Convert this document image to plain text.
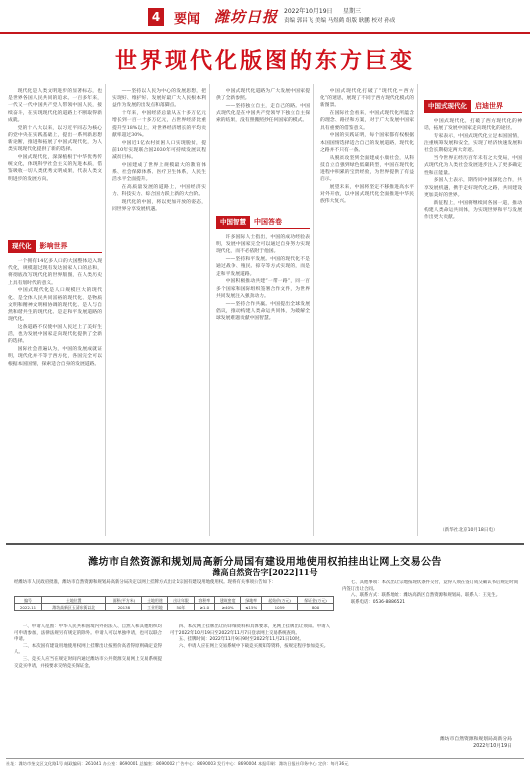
4 要闻 潍坊日报 2022年10月19日 星期三
责编 郭昌飞 美编 马煜鹤 组版 耿鹏 校对 孙成
世界现代化版图的东方巨变

现代化是人类文明进步的显著标志，也是世界各国人民共同的追求。一百多年来，一代又一代中国共产党人带领中国人民，接续奋斗，在实现现代化的道路上不断取得新成就。

党的十八大以来，以习近平同志为核心的党中央在实践基础上，提出一系列新思想新论断，推进和拓展了中国式现代化，为人类实现现代化提供了新的选择。

中国式现代化，深深植根于中华优秀传统文化，体现科学社会主义的先进本质，借鉴吸收一切人类优秀文明成果，代表人类文明进步的发展方向。

现代化	影响世界

一个拥有14亿多人口的大国整体迈入现代化，规模超过现有发达国家人口的总和，将彻底改写现代化的世界版图，在人类历史上具有划时代的意义。

中国式现代化是人口规模巨大的现代化、是全体人民共同富裕的现代化、是物质文明和精神文明相协调的现代化、是人与自然和谐共生的现代化、是走和平发展道路的现代化。

这条道路不仅使中国人民过上了美好生活，也为发展中国家走向现代化提供了全新的选择。

国际社会普遍认为，中国的发展成就证明，现代化并不等于西方化，各国完全可以根据本国国情，探索适合自身的发展道路。

——坚持以人民为中心的发展思想，把实现好、维护好、发展好最广大人民根本利益作为发展的出发点和落脚点。

十年来，中国经济总量从五十多万亿元增长到一百一十多万亿元，占世界经济比重提升至18%以上，对世界经济增长的平均贡献率超过30%。

中国近1亿农村贫困人口实现脱贫，提前10年实现联合国2030年可持续发展议程减贫目标。

中国建成了世界上规模最大的教育体系、社会保障体系、医疗卫生体系，人民生活水平全面提升。

在高质量发展的道路上，中国经济实力、科技实力、综合国力跃上新的大台阶。

现代化的中国，将以更加开放的姿态，同世界分享发展机遇。

中国智慧	中国答卷

中国式现代化道路为广大发展中国家提供了全新参照。

——坚持独立自主，走自己的路。中国式现代化是在中国共产党领导下独立自主探索的结果，没有照搬照抄任何国家的模式。

许多国际人士指出，中国的成功经验表明，发展中国家完全可以通过自身努力实现现代化，而不必依附于他国。

——坚持和平发展。中国的现代化不是通过战争、殖民、掠夺等方式实现的，而是走和平发展道路。

中国积极推动共建“一带一路”，同一百多个国家和国际组织签署合作文件，为世界共同发展注入强劲动力。

——坚持合作共赢。中国提出全球发展倡议，推动构建人类命运共同体，为破解全球发展难题贡献中国智慧。

中国式现代化打破了“现代化＝西方化”的迷思，展现了不同于西方现代化模式的新图景。

在国际社会看来，中国式现代化所蕴含的理念、路径和方案，对于广大发展中国家具有重要的借鉴意义。

中国的实践证明，每个国家都有权根据本国国情选择适合自己的发展道路，现代化之路并不只有一条。

从脱贫攻坚到全面建成小康社会，从科技自立自强到绿色低碳转型，中国在现代化进程中积累的宝贵经验，为世界提供了有益启示。

展望未来，中国将坚定不移推进高水平对外开放，以中国式现代化全面推进中华民族伟大复兴。

中国式现代化	启迪世界

中国式现代化，打破了西方现代化的神话，拓展了发展中国家走向现代化的途径。

专家表示，中国式现代化立足本国国情，注重统筹发展和安全，实现了经济快速发展和社会长期稳定两大奇迹。

当今世界正经历百年未有之大变局，中国式现代化为人类社会发展进步注入了更多确定性和正能量。

多国人士表示，期待同中国深化合作，共享发展机遇，携手走好现代化之路，共同建设更加美好的世界。

新征程上，中国将继续同各国一道，推动构建人类命运共同体，为实现世界和平与发展作出更大贡献。

（新华社北京10月18日电）
潍坊市自然资源和规划局高新分局国有建设用地使用权拍挂出让网上交易公告
潍高自然资告字[2022]11号
经潍坊市人民政府批准，潍坊市自然资源和规划局高新分局决定以网上挂牌方式出让1宗国有建设用地使用权。现将有关事项公告如下：
编号	土地位置	面积(平方米)	土地用途	出让年限	容积率	建筑密度	绿地率	起始价(万元)	保证金(万元)
2022-11	潍坊高新区玉清东街以北	20138	工业用地	50年	≥1.0	≥40%	≤15%	1059	800

一、申请人范围：中华人民共和国境内外的法人、自然人和其他组织均可申请参加，法律法规另有规定的除外。申请人可以单独申请，也可以联合申请。

二、本次国有建设用地使用权网上挂牌出让按照价高者得原则确定竞得人。

三、竞买人应当在规定时间内通过潍坊市公共资源交易网上交易系统提交竞买申请，并按要求交纳竞买保证金。

四、本次网上挂牌出让的详细资料和具体要求，见网上挂牌出让须知。申请人可于2022年10月19日至2022年11月7日登录网上交易系统查询。

五、挂牌时间：2022年11月9日9时至2022年11月21日10时。

六、申请人应在网上交易系统中下载竞买须知等资料，按规定程序参加竞买。

七、其他事项：本次出让宗地按现状条件交付，竞得人须在签订成交确认书后规定时间内签订出让合同。

八、联系方式：联系地址：潍坊高新区自然资源和规划局。联系人：王先生。

联系电话：0536-8886521

潍坊市自然资源和规划局高新分局
2022年10月19日
社址：潍坊市奎文区文化路1号 邮政编码：261041 办公室：8690001 总编室：8690002 广告中心：8690003 发行中心：8690004 本报印刷：潍坊日报社印务中心 定价：每月36元
